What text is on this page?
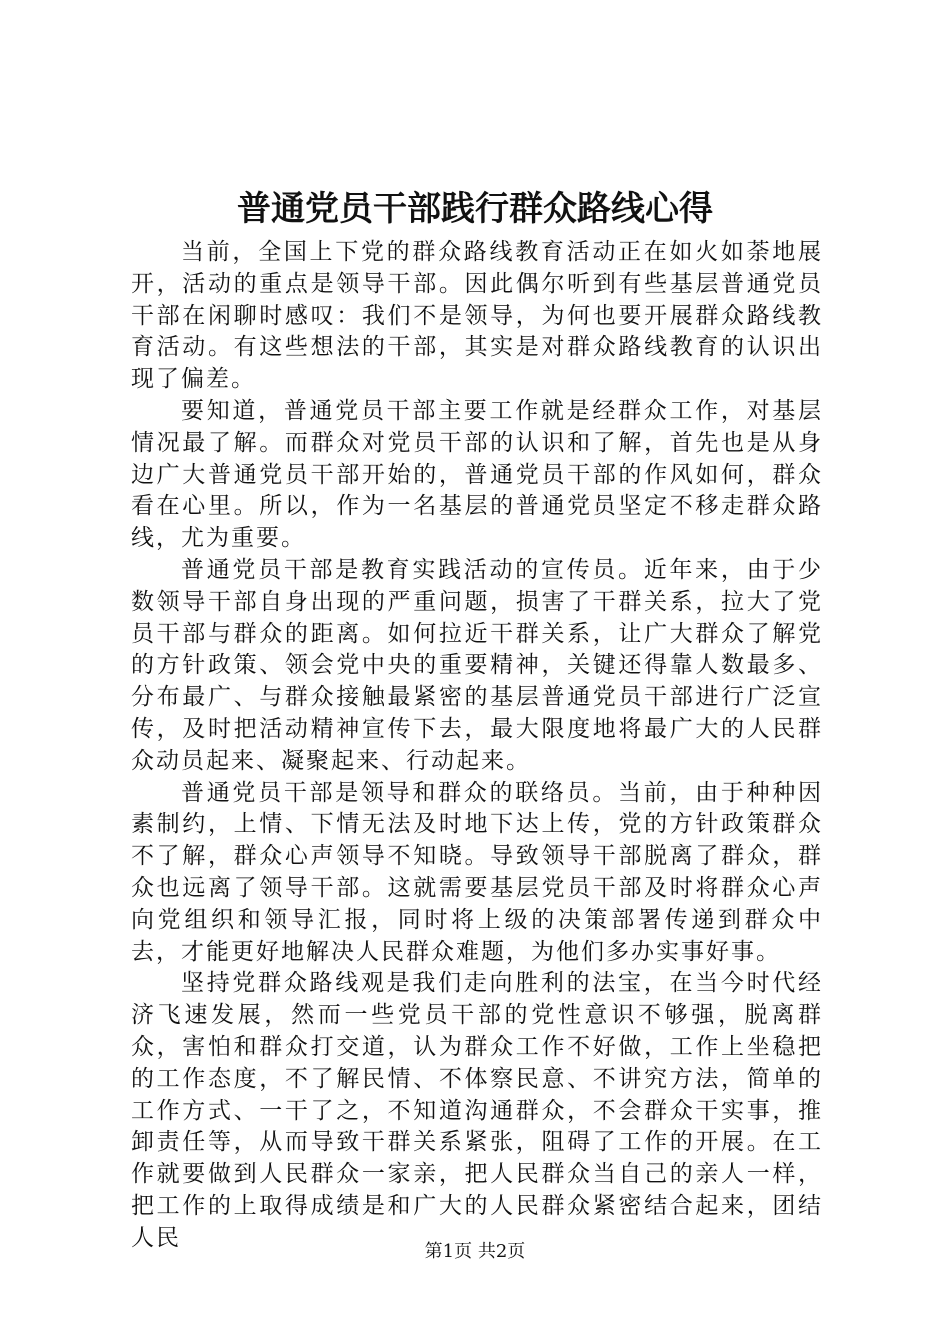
普通党员干部践行群众路线心得

当前，全国上下党的群众路线教育活动正在如火如荼地展开，活动的重点是领导干部。因此偶尔听到有些基层普通党员干部在闲聊时感叹：我们不是领导，为何也要开展群众路线教育活动。有这些想法的干部，其实是对群众路线教育的认识出现了偏差。

要知道，普通党员干部主要工作就是经群众工作，对基层情况最了解。而群众对党员干部的认识和了解，首先也是从身边广大普通党员干部开始的，普通党员干部的作风如何，群众看在心里。所以，作为一名基层的普通党员坚定不移走群众路线，尤为重要。

普通党员干部是教育实践活动的宣传员。近年来，由于少数领导干部自身出现的严重问题，损害了干群关系，拉大了党员干部与群众的距离。如何拉近干群关系，让广大群众了解党的方针政策、领会党中央的重要精神，关键还得靠人数最多、分布最广、与群众接触最紧密的基层普通党员干部进行广泛宣传，及时把活动精神宣传下去，最大限度地将最广大的人民群众动员起来、凝聚起来、行动起来。

普通党员干部是领导和群众的联络员。当前，由于种种因素制约，上情、下情无法及时地下达上传，党的方针政策群众不了解，群众心声领导不知晓。导致领导干部脱离了群众，群众也远离了领导干部。这就需要基层党员干部及时将群众心声向党组织和领导汇报，同时将上级的决策部署传递到群众中去，才能更好地解决人民群众难题，为他们多办实事好事。

坚持党群众路线观是我们走向胜利的法宝，在当今时代经济飞速发展，然而一些党员干部的党性意识不够强，脱离群众，害怕和群众打交道，认为群众工作不好做，工作上坐稳把的工作态度，不了解民情、不体察民意、不讲究方法，简单的工作方式、一干了之，不知道沟通群众，不会群众干实事，推卸责任等，从而导致干群关系紧张，阻碍了工作的开展。在工作就要做到人民群众一家亲，把人民群众当自己的亲人一样，把工作的上取得成绩是和广大的人民群众紧密结合起来，团结人民

第1页 共2页
